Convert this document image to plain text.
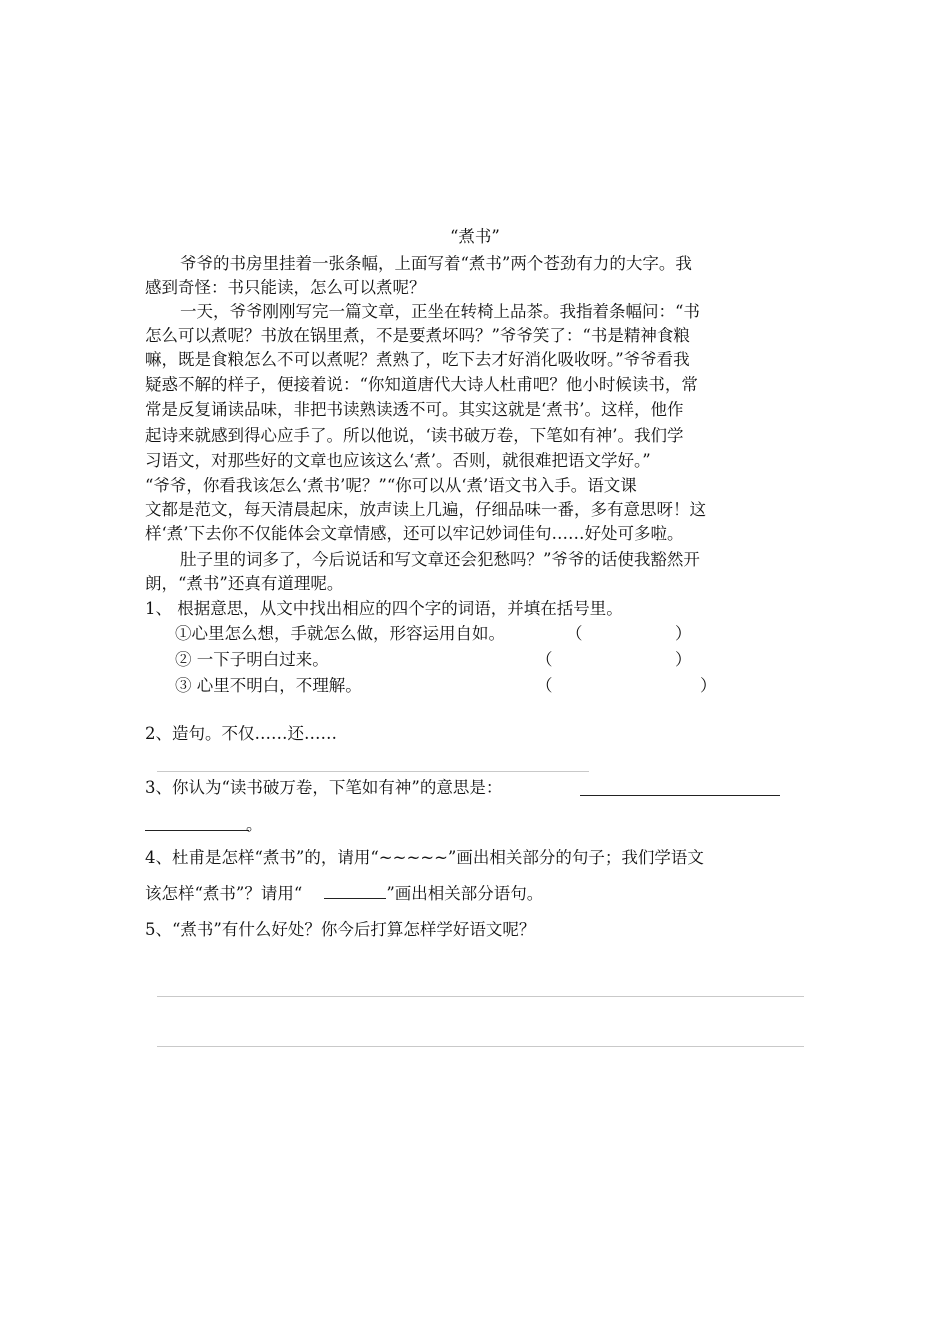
“煮书”
爷爷的书房里挂着一张条幅，上面写着“煮书”两个苍劲有力的大字。我
感到奇怪：书只能读，怎么可以煮呢？
一天，爷爷刚刚写完一篇文章，正坐在转椅上品茶。我指着条幅问：“书
怎么可以煮呢？书放在锅里煮，不是要煮坏吗？”爷爷笑了：“书是精神食粮
嘛，既是食粮怎么不可以煮呢？煮熟了，吃下去才好消化吸收呀。”爷爷看我
疑惑不解的样子，便接着说：“你知道唐代大诗人杜甫吧？他小时候读书，常
常是反复诵读品味，非把书读熟读透不可。其实这就是‘煮书’。这样，他作
起诗来就感到得心应手了。所以他说，‘读书破万卷，下笔如有神’。我们学
习语文，对那些好的文章也应该这么‘煮’。否则，就很难把语文学好。”
“爷爷，你看我该怎么‘煮书’呢？”“你可以从‘煮’语文书入手。语文课
文都是范文，每天清晨起床，放声读上几遍，仔细品味一番，多有意思呀！这
样‘煮’下去你不仅能体会文章情感，还可以牢记妙词佳句……好处可多啦。
肚子里的词多了，今后说话和写文章还会犯愁吗？”爷爷的话使我豁然开
朗，“煮书”还真有道理呢。
1、 根据意思，从文中找出相应的四个字的词语，并填在括号里。
①心里怎么想，手就怎么做，形容运用自如。	（	）
② 一下子明白过来。	（	）
③ 心里不明白，不理解。	（	）
2、造句。不仅……还……
3、你认为“读书破万卷，下笔如有神”的意思是：
。
4、杜甫是怎样“煮书”的，请用“~~~~~”画出相关部分的句子；我们学语文
该怎样“煮书”？请用“	”画出相关部分语句。
5、“煮书”有什么好处？你今后打算怎样学好语文呢？
